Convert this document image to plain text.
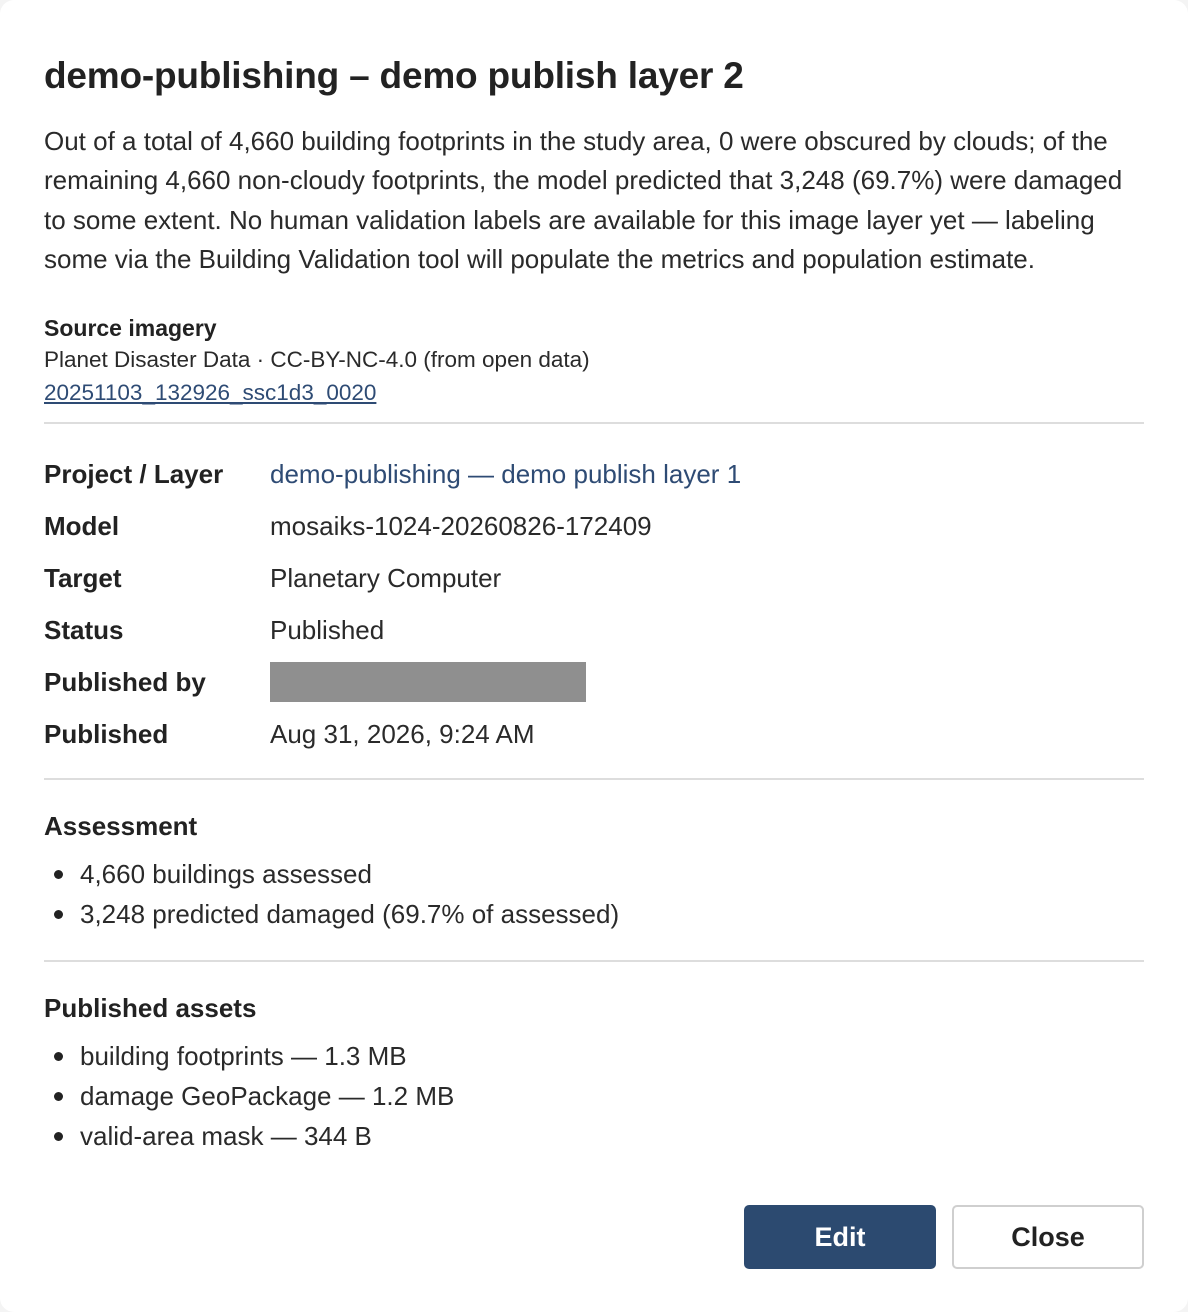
demo-publishing – demo publish layer 2

Out of a total of 4,660 building footprints in the study area, 0 were obscured by clouds; of the remaining 4,660 non-cloudy footprints, the model predicted that 3,248 (69.7%) were damaged to some extent. No human validation labels are available for this image layer yet — labeling some via the Building Validation tool will populate the metrics and population estimate.

Source imagery
Planet Disaster Data · CC-BY-NC-4.0 (from open data)
20251103_132926_ssc1d3_0020
Project / Layer	demo-publishing — demo publish layer 1
Model	mosaiks-1024-20260826-172409
Target	Planetary Computer
Status	Published
Published by
Published	Aug 31, 2026, 9:24 AM
Assessment
4,660 buildings assessed
3,248 predicted damaged (69.7% of assessed)
Published assets
building footprints — 1.3 MB
damage GeoPackage — 1.2 MB
valid-area mask — 344 B
Edit	Close
